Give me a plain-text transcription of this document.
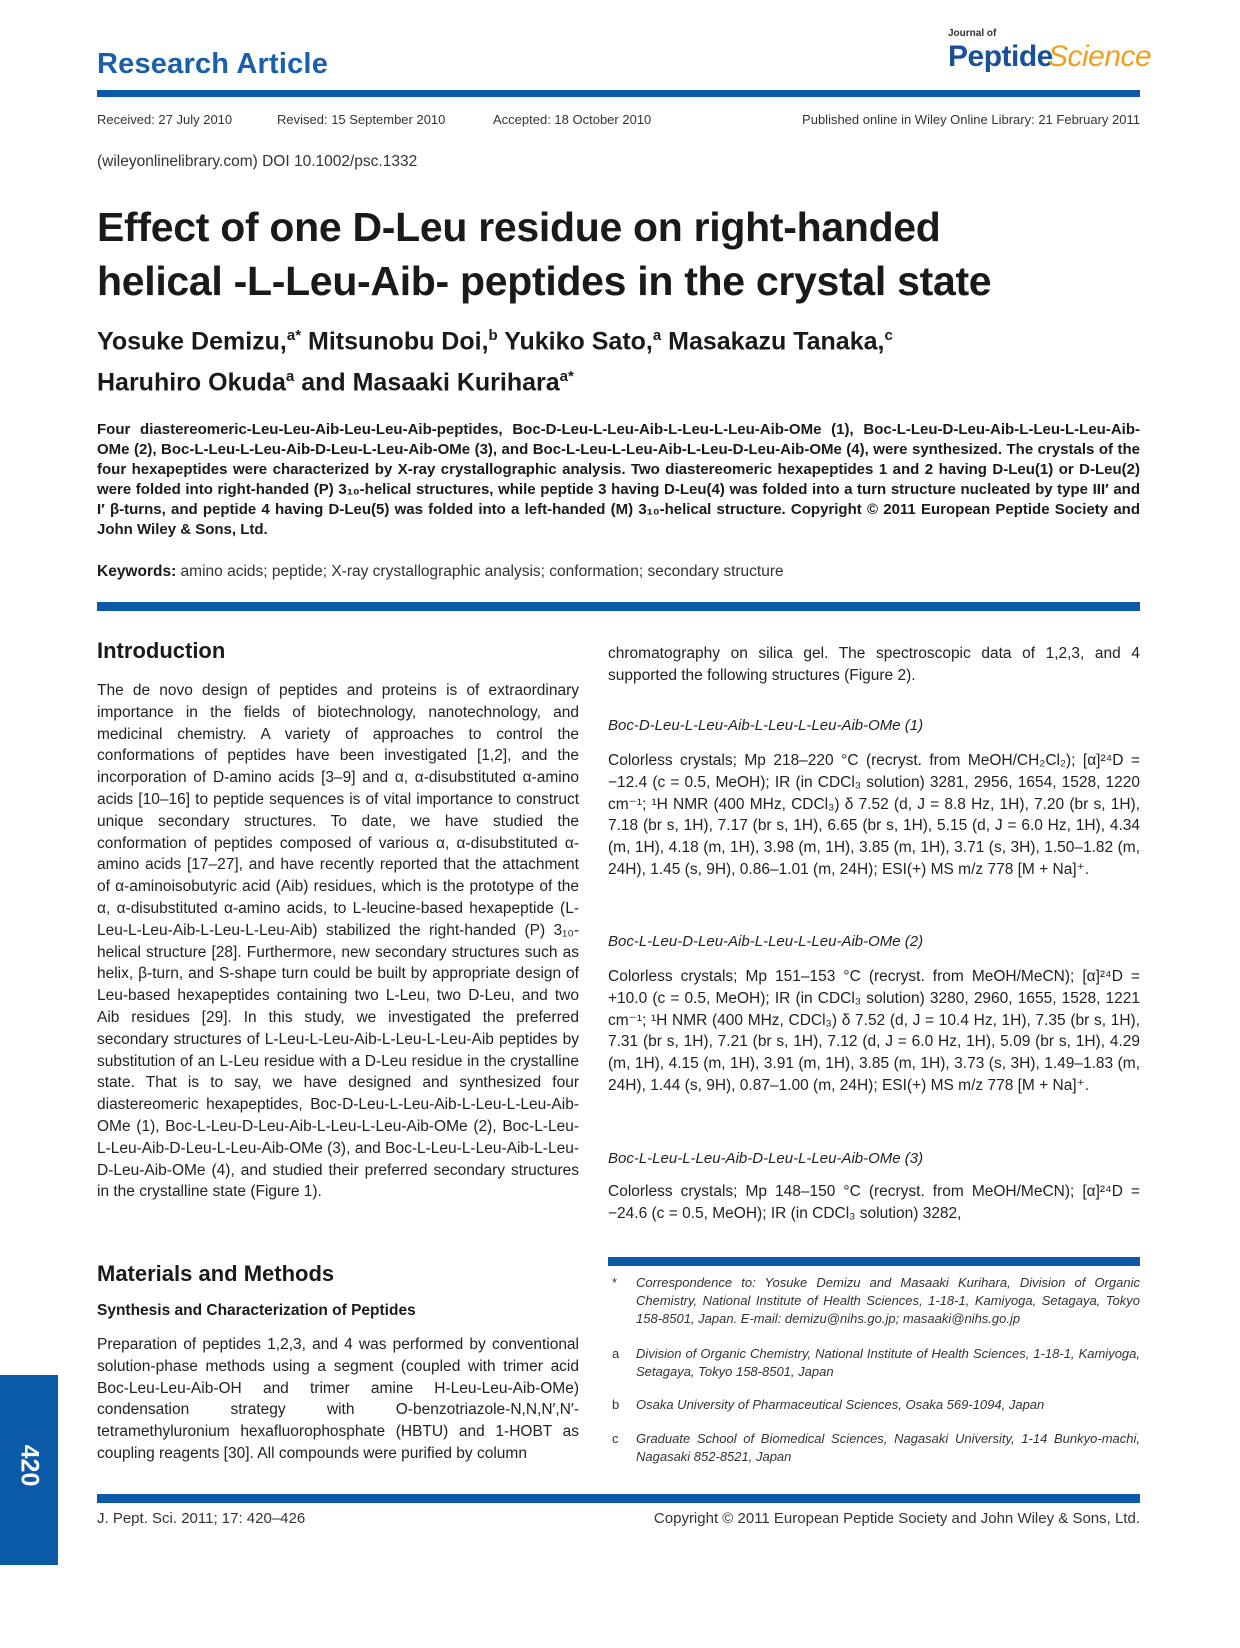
Research Article
Journal of
Peptide
Science
Received: 27 July 2010	Revised: 15 September 2010	Accepted: 18 October 2010	Published online in Wiley Online Library: 21 February 2011
(wileyonlinelibrary.com) DOI 10.1002/psc.1332
Effect of one D-Leu residue on right-handed
helical -L-Leu-Aib- peptides in the crystal state
Yosuke Demizu,$^{a*}$ Mitsunobu Doi,$^b$ Yukiko Sato,$^a$ Masakazu Tanaka,$^c$
Haruhiro Okuda$^a$ and Masaaki Kurihara$^{a*}$
Four diastereomeric-Leu-Leu-Aib-Leu-Leu-Aib-peptides, Boc-D-Leu-L-Leu-Aib-L-Leu-L-Leu-Aib-OMe (1), Boc-L-Leu-D-Leu-Aib-L-Leu-L-Leu-Aib-OMe (2), Boc-L-Leu-L-Leu-Aib-D-Leu-L-Leu-Aib-OMe (3), and Boc-L-Leu-L-Leu-Aib-L-Leu-D-Leu-Aib-OMe (4), were synthesized. The crystals of the four hexapeptides were characterized by X-ray crystallographic analysis. Two diastereomeric hexapeptides 1 and 2 having D-Leu(1) or D-Leu(2) were folded into right-handed (P) 3₁₀-helical structures, while peptide 3 having D-Leu(4) was folded into a turn structure nucleated by type III′ and I′ β-turns, and peptide 4 having D-Leu(5) was folded into a left-handed (M) 3₁₀-helical structure. Copyright © 2011 European Peptide Society and John Wiley & Sons, Ltd.
Keywords: amino acids; peptide; X-ray crystallographic analysis; conformation; secondary structure
Introduction
The de novo design of peptides and proteins is of extraordinary importance in the fields of biotechnology, nanotechnology, and medicinal chemistry. A variety of approaches to control the conformations of peptides have been investigated [1,2], and the incorporation of D-amino acids [3–9] and α, α-disubstituted α-amino acids [10–16] to peptide sequences is of vital importance to construct unique secondary structures. To date, we have studied the conformation of peptides composed of various α, α-disubstituted α-amino acids [17–27], and have recently reported that the attachment of α-aminoisobutyric acid (Aib) residues, which is the prototype of the α, α-disubstituted α-amino acids, to L-leucine-based hexapeptide (L-Leu-L-Leu-Aib-L-Leu-L-Leu-Aib) stabilized the right-handed (P) 3₁₀-helical structure [28]. Furthermore, new secondary structures such as helix, β-turn, and S-shape turn could be built by appropriate design of Leu-based hexapeptides containing two L-Leu, two D-Leu, and two Aib residues [29]. In this study, we investigated the preferred secondary structures of L-Leu-L-Leu-Aib-L-Leu-L-Leu-Aib peptides by substitution of an L-Leu residue with a D-Leu residue in the crystalline state. That is to say, we have designed and synthesized four diastereomeric hexapeptides, Boc-D-Leu-L-Leu-Aib-L-Leu-L-Leu-Aib-OMe (1), Boc-L-Leu-D-Leu-Aib-L-Leu-L-Leu-Aib-OMe (2), Boc-L-Leu-L-Leu-Aib-D-Leu-L-Leu-Aib-OMe (3), and Boc-L-Leu-L-Leu-Aib-L-Leu-D-Leu-Aib-OMe (4), and studied their preferred secondary structures in the crystalline state (Figure 1).
Materials and Methods
Synthesis and Characterization of Peptides
Preparation of peptides 1,2,3, and 4 was performed by conventional solution-phase methods using a segment (coupled with trimer acid Boc-Leu-Leu-Aib-OH and trimer amine H-Leu-Leu-Aib-OMe) condensation strategy with O-benzotriazole-N,N,N′,N′-tetramethyluronium hexafluorophosphate (HBTU) and 1-HOBT as coupling reagents [30]. All compounds were purified by column
chromatography on silica gel. The spectroscopic data of 1,2,3, and 4 supported the following structures (Figure 2).
Boc-D-Leu-L-Leu-Aib-L-Leu-L-Leu-Aib-OMe (1)
Colorless crystals; Mp 218–220 °C (recryst. from MeOH/CH₂Cl₂); [α]²⁴D = −12.4 (c = 0.5, MeOH); IR (in CDCl₃ solution) 3281, 2956, 1654, 1528, 1220 cm⁻¹; ¹H NMR (400 MHz, CDCl₃) δ 7.52 (d, J = 8.8 Hz, 1H), 7.20 (br s, 1H), 7.18 (br s, 1H), 7.17 (br s, 1H), 6.65 (br s, 1H), 5.15 (d, J = 6.0 Hz, 1H), 4.34 (m, 1H), 4.18 (m, 1H), 3.98 (m, 1H), 3.85 (m, 1H), 3.71 (s, 3H), 1.50–1.82 (m, 24H), 1.45 (s, 9H), 0.86–1.01 (m, 24H); ESI(+) MS m/z 778 [M + Na]⁺.
Boc-L-Leu-D-Leu-Aib-L-Leu-L-Leu-Aib-OMe (2)
Colorless crystals; Mp 151–153 °C (recryst. from MeOH/MeCN); [α]²⁴D = +10.0 (c = 0.5, MeOH); IR (in CDCl₃ solution) 3280, 2960, 1655, 1528, 1221 cm⁻¹; ¹H NMR (400 MHz, CDCl₃) δ 7.52 (d, J = 10.4 Hz, 1H), 7.35 (br s, 1H), 7.31 (br s, 1H), 7.21 (br s, 1H), 7.12 (d, J = 6.0 Hz, 1H), 5.09 (br s, 1H), 4.29 (m, 1H), 4.15 (m, 1H), 3.91 (m, 1H), 3.85 (m, 1H), 3.73 (s, 3H), 1.49–1.83 (m, 24H), 1.44 (s, 9H), 0.87–1.00 (m, 24H); ESI(+) MS m/z 778 [M + Na]⁺.
Boc-L-Leu-L-Leu-Aib-D-Leu-L-Leu-Aib-OMe (3)
Colorless crystals; Mp 148–150 °C (recryst. from MeOH/MeCN); [α]²⁴D = −24.6 (c = 0.5, MeOH); IR (in CDCl₃ solution) 3282,
* Correspondence to: Yosuke Demizu and Masaaki Kurihara, Division of Organic Chemistry, National Institute of Health Sciences, 1-18-1, Kamiyoga, Setagaya, Tokyo 158-8501, Japan. E-mail: demizu@nihs.go.jp; masaaki@nihs.go.jp
a Division of Organic Chemistry, National Institute of Health Sciences, 1-18-1, Kamiyoga, Setagaya, Tokyo 158-8501, Japan
b Osaka University of Pharmaceutical Sciences, Osaka 569-1094, Japan
c Graduate School of Biomedical Sciences, Nagasaki University, 1-14 Bunkyo-machi, Nagasaki 852-8521, Japan
420
J. Pept. Sci. 2011; 17: 420–426	Copyright © 2011 European Peptide Society and John Wiley & Sons, Ltd.
